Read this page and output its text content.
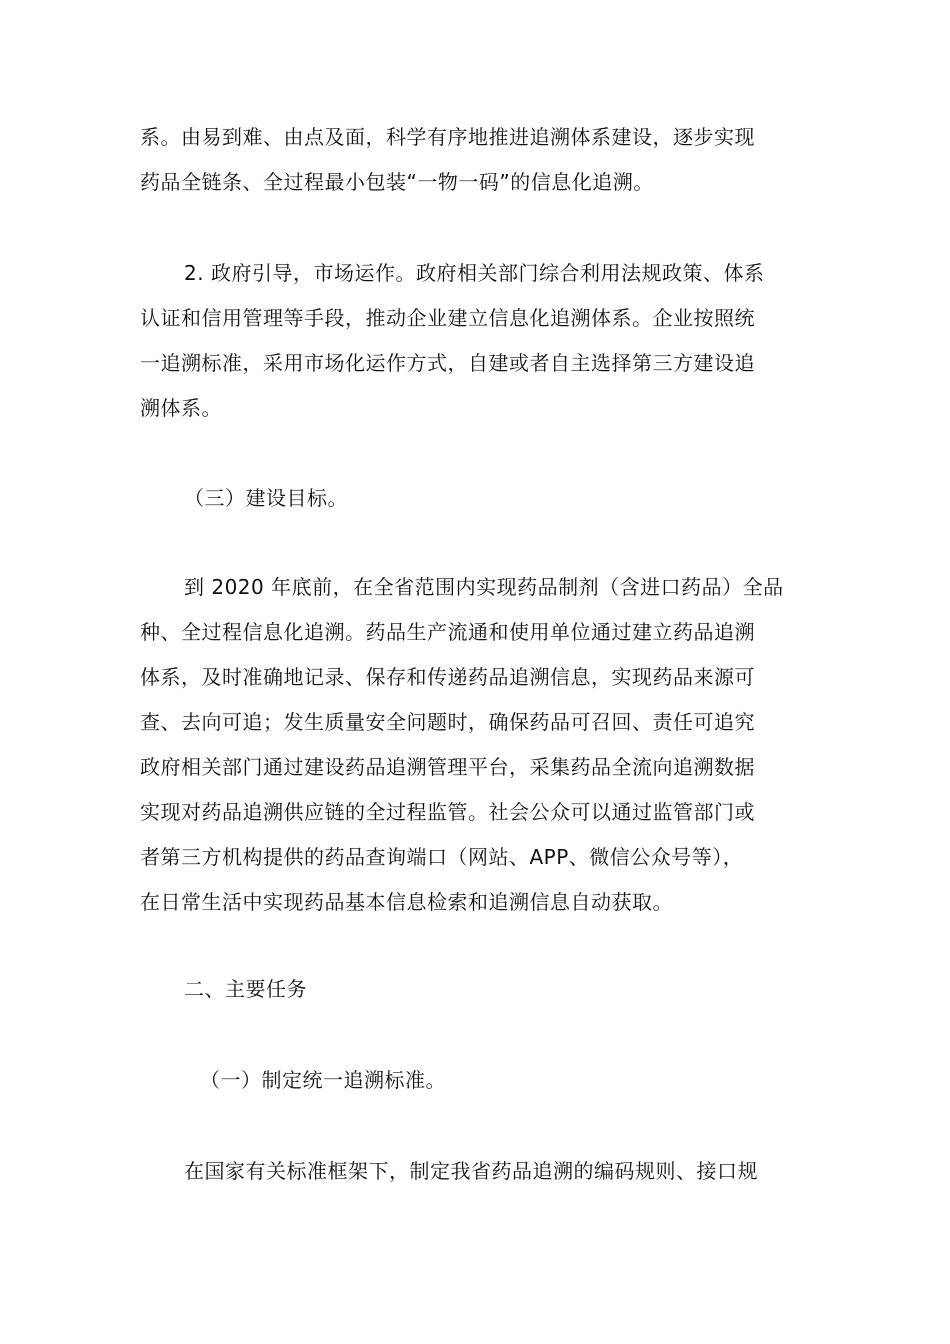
系。由易到难、由点及面，科学有序地推进追溯体系建设，逐步实现
药品全链条、全过程最小包装“一物一码”的信息化追溯。

2. 政府引导，市场运作。政府相关部门综合利用法规政策、体系
认证和信用管理等手段，推动企业建立信息化追溯体系。企业按照统
一追溯标准，采用市场化运作方式，自建或者自主选择第三方建设追
溯体系。

（三）建设目标。

到 2020 年底前，在全省范围内实现药品制剂（含进口药品）全品
种、全过程信息化追溯。药品生产流通和使用单位通过建立药品追溯
体系，及时准确地记录、保存和传递药品追溯信息，实现药品来源可
查、去向可追；发生质量安全问题时，确保药品可召回、责任可追究
政府相关部门通过建设药品追溯管理平台，采集药品全流向追溯数据
实现对药品追溯供应链的全过程监管。社会公众可以通过监管部门或
者第三方机构提供的药品查询端口（网站、APP、微信公众号等），
在日常生活中实现药品基本信息检索和追溯信息自动获取。

二、主要任务

（一）制定统一追溯标准。

在国家有关标准框架下，制定我省药品追溯的编码规则、接口规
